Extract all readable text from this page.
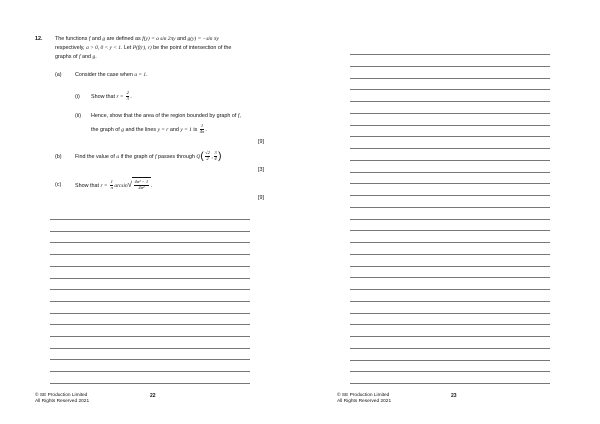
12. The functions f and g are defined as f(y) = a sin 2πy and g(y) = −sin πy
respectively, a > 0, 0 < y < 1. Let P(f(r), r) be the point of intersection of the
graphs of f and g.
(a) Consider the case when a = 1.
(i) Show that $r = \frac{2}{3}$ .
(ii) Hence, show that the area of the region bounded by graph of f,
the graph of g and the lines y = r and y = 1 is $\frac{1}{4\pi}$ .
[9]
(b) Find the value of a if the graph of f passes through $Q( \frac{√2}{2}$ , $\frac{3}{4}$ )
[3]
(c)	Show that $r = \frac{1}{\pi} \arcsin√ \frac{\text{4a² − 1}}{\text{4a²}}$ .
[9]
© SE Production Limited
All Rights Reserved 2021
22	© SE Production Limited
All Rights Reserved 2021
23
